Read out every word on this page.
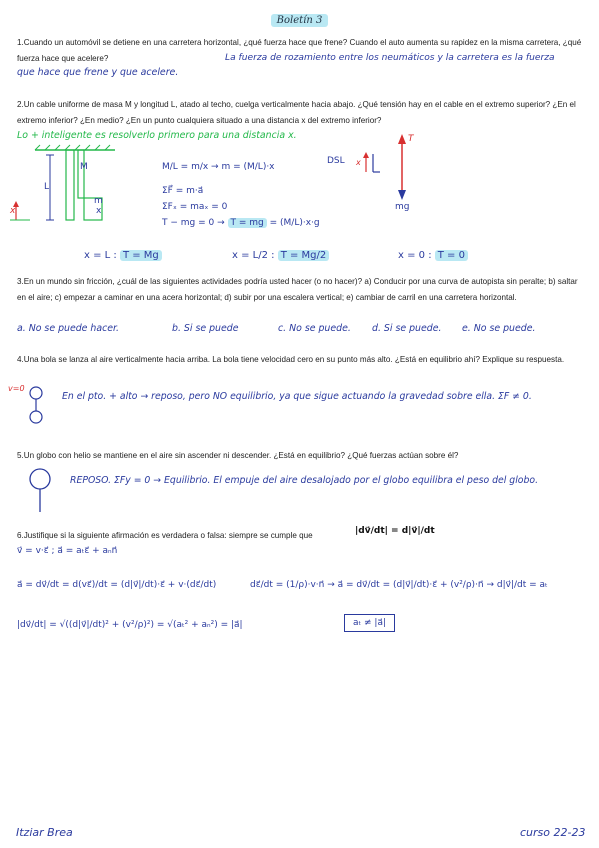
Boletín 3
1.Cuando un automóvil se detiene en una carretera horizontal, ¿qué fuerza hace que frene? Cuando el auto aumenta su rapidez en la misma carretera, ¿qué fuerza hace que acelere?	La fuerza de rozamiento entre los neumáticos y la carretera es la fuerza
que hace que frene y que acelere.
2.Un cable uniforme de masa M y longitud L, atado al techo, cuelga verticalmente hacia abajo. ¿Qué tensión hay en el cable en el extremo superior? ¿En el extremo inferior? ¿En medio? ¿En un punto cualquiera situado a una distancia x del extremo inferior?
Lo + inteligente es resolverlo primero para una distancia x.
L
M
m
x
x
M/L = m/x → m = (M/L)·x
ΣF⃗ = m·a⃗
ΣFₓ = maₓ = 0
T − mg = 0 → T = mg = (M/L)·x·g
DSL x
T
mg
x = L : T = Mg	x = L/2 : T = Mg/2	x = 0 : T = 0
3.En un mundo sin fricción, ¿cuál de las siguientes actividades podría usted hacer (o no hacer)? a) Conducir por una curva de autopista sin peralte; b) saltar en el aire; c) empezar a caminar en una acera horizontal; d) subir por una escalera vertical; e) cambiar de carril en una carretera horizontal.
a. No se puede hacer.	b. Si se puede	c. No se puede. d. Si se puede. e. No se puede.
4.Una bola se lanza al aire verticalmente hacia arriba. La bola tiene velocidad cero en su punto más alto. ¿Está en equilibrio ahí? Explique su respuesta.
v=0
En el pto. + alto → reposo, pero NO equilibrio, ya que sigue actuando la gravedad sobre ella. ΣF ≠ 0.
5.Un globo con helio se mantiene en el aire sin ascender ni descender. ¿Está en equilibrio? ¿Qué fuerzas actúan sobre él?
REPOSO. ΣFy = 0 → Equilibrio. El empuje del aire desalojado por el globo equilibra el peso del globo.
6.Justifique si la siguiente afirmación es verdadera o falsa: siempre se cumple que	|dv⃗/dt| = d|v⃗|/dt
v⃗ = v·ε⃗ ; a⃗ = aₜε⃗ + aₙn⃗
a⃗ = dv⃗/dt = d(vε⃗)/dt = (d|v⃗|/dt)·ε⃗ + v·(dε⃗/dt)	dε⃗/dt = (1/ρ)·v·n⃗ → a⃗ = dv⃗/dt = (d|v⃗|/dt)·ε⃗ + (v²/ρ)·n⃗ → d|v⃗|/dt = aₜ
|dv⃗/dt| = √((d|v⃗|/dt)² + (v²/ρ)²) = √(aₜ² + aₙ²) = |a⃗|	aₜ ≠ |a⃗|
Itziar Brea	curso 22-23
